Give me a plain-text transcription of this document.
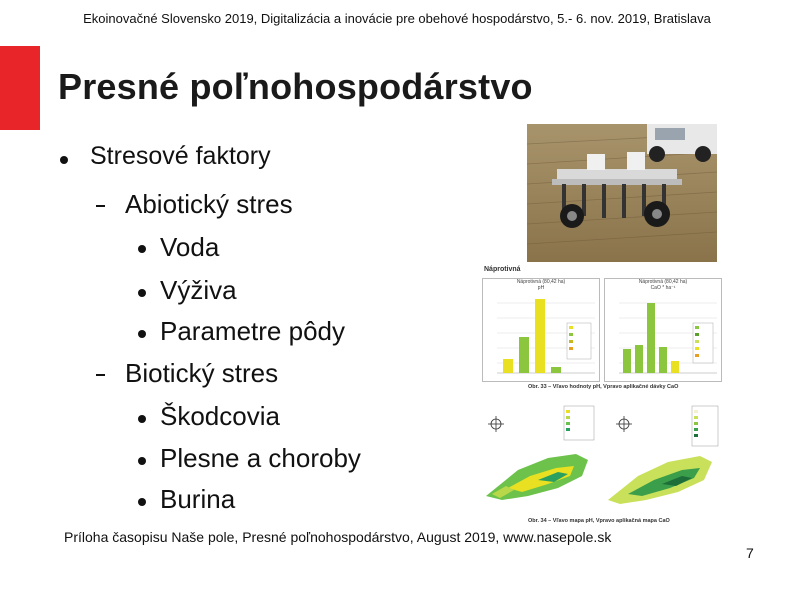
Ekoinovačné Slovensko 2019, Digitalizácia a inovácie pre obehové hospodárstvo, 5.- 6. nov. 2019, Bratislava
Presné poľnohospodárstvo
Stresové faktory
Abiotický stres
Voda
Výživa
Parametre pôdy
Biotický stres
Škodcovia
Plesne a choroby
Burina
Náprotivná
Náprotivná (80,42 ha)
pH
Náprotivná (80,42 ha)
CaO * ha⁻¹
Obr. 33 – Vľavo hodnoty pH, Vpravo aplikačné dávky CaO
Obr. 34 – Vľavo mapa pH, Vpravo aplikačná mapa CaO
Príloha časopisu Naše pole, Presné poľnohospodárstvo, August 2019, www.nasepole.sk
7
